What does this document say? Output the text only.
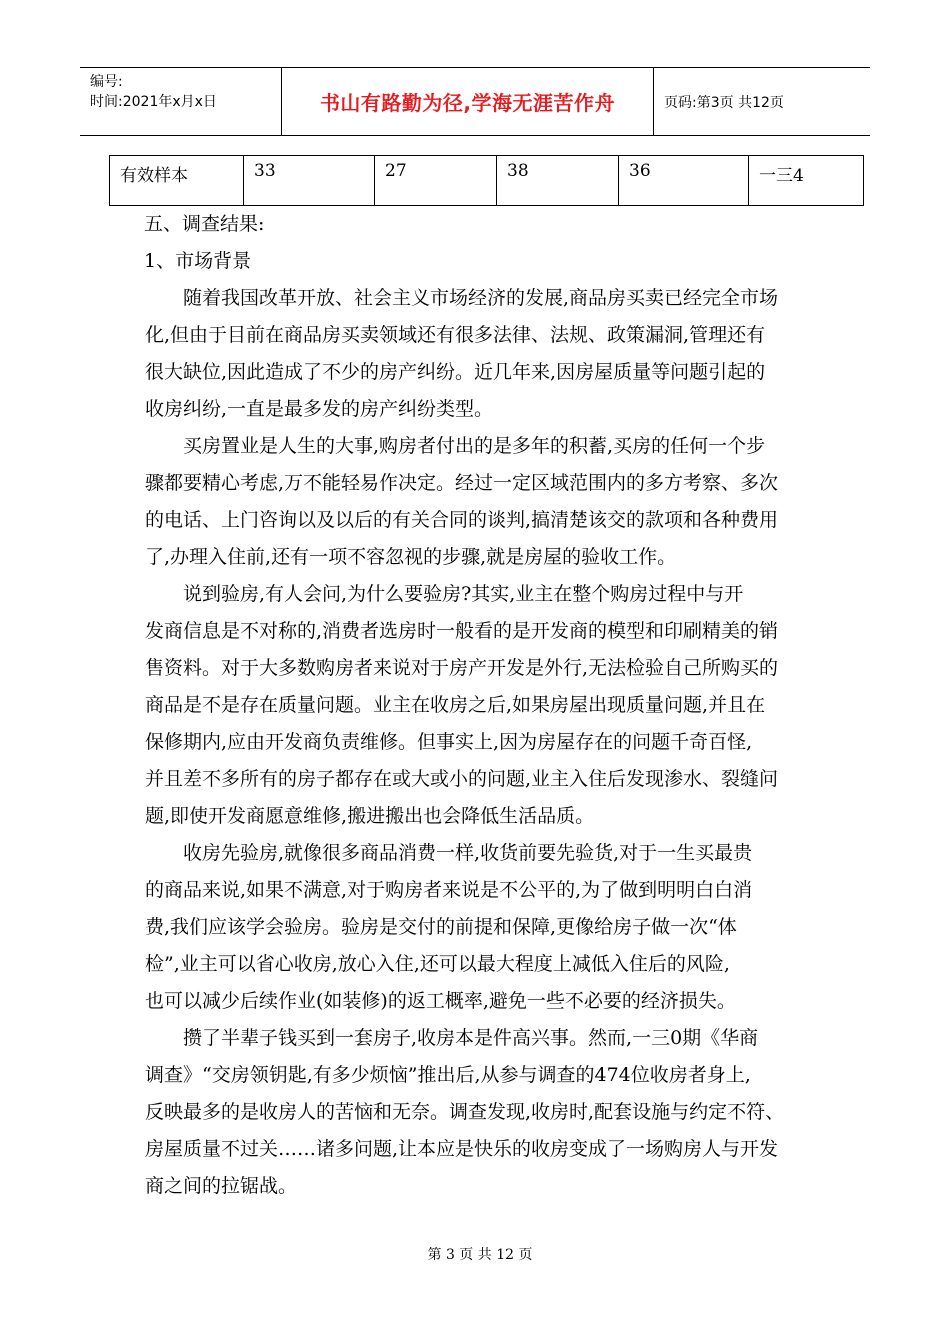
编号:
时间:2021年x月x日	书山有路勤为径,学海无涯苦作舟	页码:第3页 共12页
有效样本	33	27	38	36	一三4
五、调查结果:
1、市场背景
　　随着我国改革开放、社会主义市场经济的发展,商品房买卖已经完全市场
化,但由于目前在商品房买卖领域还有很多法律、法规、政策漏洞,管理还有
很大缺位,因此造成了不少的房产纠纷。近几年来,因房屋质量等问题引起的
收房纠纷,一直是最多发的房产纠纷类型。
　　买房置业是人生的大事,购房者付出的是多年的积蓄,买房的任何一个步
骤都要精心考虑,万不能轻易作决定。经过一定区域范围内的多方考察、多次
的电话、上门咨询以及以后的有关合同的谈判,搞清楚该交的款项和各种费用
了,办理入住前,还有一项不容忽视的步骤,就是房屋的验收工作。
　　说到验房,有人会问,为什么要验房?其实,业主在整个购房过程中与开
发商信息是不对称的,消费者选房时一般看的是开发商的模型和印刷精美的销
售资料。对于大多数购房者来说对于房产开发是外行,无法检验自己所购买的
商品是不是存在质量问题。业主在收房之后,如果房屋出现质量问题,并且在
保修期内,应由开发商负责维修。但事实上,因为房屋存在的问题千奇百怪,
并且差不多所有的房子都存在或大或小的问题,业主入住后发现渗水、裂缝问
题,即使开发商愿意维修,搬进搬出也会降低生活品质。
　　收房先验房,就像很多商品消费一样,收货前要先验货,对于一生买最贵
的商品来说,如果不满意,对于购房者来说是不公平的,为了做到明明白白消
费,我们应该学会验房。验房是交付的前提和保障,更像给房子做一次“体
检”,业主可以省心收房,放心入住,还可以最大程度上减低入住后的风险,
也可以减少后续作业(如装修)的返工概率,避免一些不必要的经济损失。
　　攒了半辈子钱买到一套房子,收房本是件高兴事。然而,一三0期《华商
调查》“交房领钥匙,有多少烦恼”推出后,从参与调查的474位收房者身上,
反映最多的是收房人的苦恼和无奈。调查发现,收房时,配套设施与约定不符、
房屋质量不过关……诸多问题,让本应是快乐的收房变成了一场购房人与开发
商之间的拉锯战。
第 3 页 共 12 页
